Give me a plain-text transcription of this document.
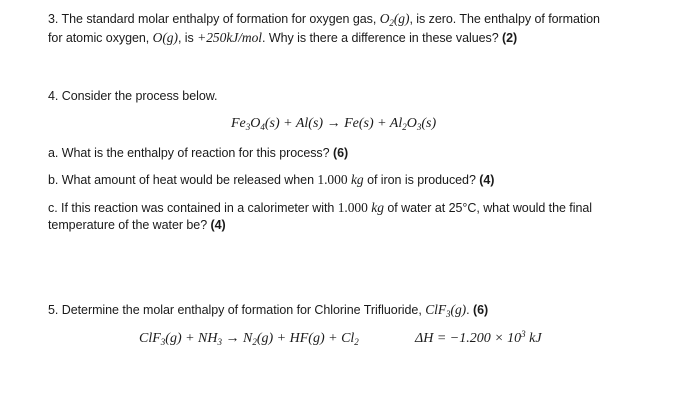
3. The standard molar enthalpy of formation for oxygen gas, $O_2(g)$, is zero. The enthalpy of formation
for atomic oxygen, O(g), is +250kJ/mol. Why is there a difference in these values? (2)
4. Consider the process below.
$Fe_3O_4(s) + Al(s) \to Fe(s) + Al_2O_3(s)$
a. What is the enthalpy of reaction for this process? (6)
b. What amount of heat would be released when 1.000 kg of iron is produced? (4)
c. If this reaction was contained in a calorimeter with 1.000 kg of water at 25°C, what would the final
temperature of the water be? (4)
5. Determine the molar enthalpy of formation for Chlorine Trifluoride, ClF$_3$(g). (6)
$ClF_3(g) + NH_3 \to N_2(g) + HF(g) + Cl_2$	$\Delta H = -1.200 \times 10^3$ kJ
